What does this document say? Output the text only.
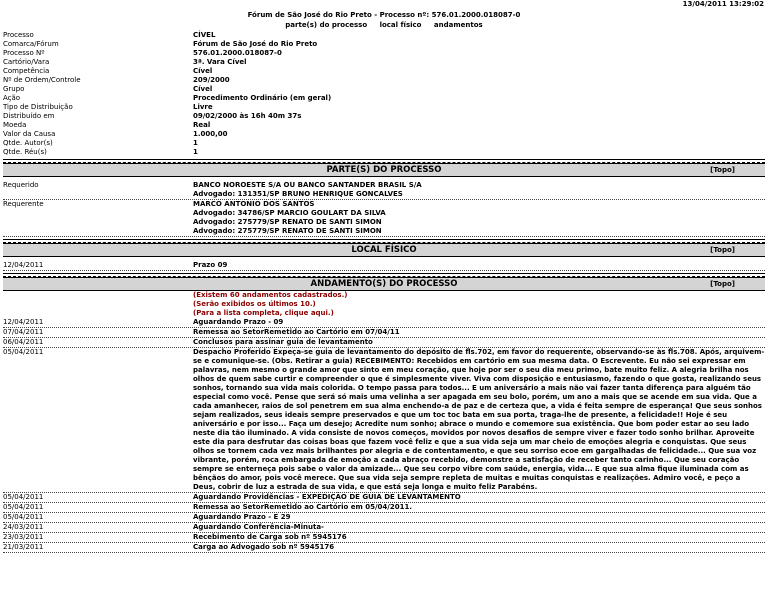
13/04/2011 13:29:02
Fórum de São José do Rio Preto - Processo nº: 576.01.2000.018087-0
parte(s) do processo local físico andamentos
Processo	CÍVEL
Comarca/Fórum	Fórum de São José do Rio Preto
Processo Nº	576.01.2000.018087-0
Cartório/Vara	3ª. Vara Cível
Competência	Cível
Nº de Ordem/Controle	209/2000
Grupo	Cível
Ação	Procedimento Ordinário (em geral)
Tipo de Distribuição	Livre
Distribuído em	09/02/2000 às 16h 40m 37s
Moeda	Real
Valor da Causa	1.000,00
Qtde. Autor(s)	1
Qtde. Réu(s)	1
PARTE(S) DO PROCESSO	[Topo]
Requerido	BANCO NOROESTE S/A OU BANCO SANTANDER BRASIL S/A
Advogado: 131351/SP BRUNO HENRIQUE GONCALVES
Requerente	MARCO ANTONIO DOS SANTOS
Advogado: 34786/SP MARCIO GOULART DA SILVA
Advogado: 275779/SP RENATO DE SANTI SIMON
Advogado: 275779/SP RENATO DE SANTI SIMON
LOCAL FÍSICO	[Topo]
12/04/2011	Prazo 09
ANDAMENTO(S) DO PROCESSO	[Topo]
(Existem 60 andamentos cadastrados.)
(Serão exibidos os últimos 10.)
(Para a lista completa, clique aqui.)
12/04/2011	Aguardando Prazo - 09
07/04/2011	Remessa ao SetorRemetido ao Cartório em 07/04/11
06/04/2011	Conclusos para assinar guia de levantamento
05/04/2011	Despacho Proferido Expeça-se guia de levantamento do depósito de fls.702, em favor do requerente, observando-se às fls.708. Após, arquivem-se e comunique-se. (Obs. Retirar a guia) RECEBIMENTO: Recebidos em cartório em sua mesma data. O Escrevente. Eu não sei expressar em palavras, nem mesmo o grande amor que sinto em meu coração, que hoje por ser o seu dia meu primo, bate muito feliz. A alegria brilha nos olhos de quem sabe curtir e compreender o que é simplesmente viver. Viva com disposição e entusiasmo, fazendo o que gosta, realizando seus sonhos, tornando sua vida mais colorida. O tempo passa para todos... E um aniversário a mais não vai fazer tanta diferença para alguém tão especial como você. Pense que será só mais uma velinha a ser apagada em seu bolo, porém, um ano a mais que se acende em sua vida. Que a cada amanhecer, raios de sol penetrem em sua alma enchendo-a de paz e de certeza que, a vida é feita sempre de esperança! Que seus sonhos sejam realizados, seus ideais sempre preservados e que um toc toc bata em sua porta, traga-lhe de presente, a felicidade!! Hoje é seu aniversário e por isso... Faça um desejo; Acredite num sonho; abrace o mundo e comemore sua existência. Que bom poder estar ao seu lado neste dia tão iluminado. A vida consiste de novos começos, movidos por novos desafios de sempre viver e fazer todo sonho brilhar. Aproveite este dia para desfrutar das coisas boas que fazem você feliz e que a sua vida seja um mar cheio de emoções alegria e conquistas. Que seus olhos se tornem cada vez mais brilhantes por alegria e de contentamento, e que seu sorriso ecoe em gargalhadas de felicidade... Que sua voz vibrante, porém, roca embargada de emoção a cada abraço recebido, demonstre a satisfação de receber tanto carinho... Que seu coração sempre se enterneça pois sabe o valor da amizade... Que seu corpo vibre com saúde, energia, vida... E que sua alma fique iluminada com as bênçãos do amor, pois você merece. Que sua vida seja sempre repleta de muitas e muitas conquistas e realizações. Admiro você, e peço a Deus, cobrir de luz a estrada de sua vida, e que está seja longa e muito feliz Parabéns.
05/04/2011	Aguardando Providências - EXPEDIÇÃO DE GUIA DE LEVANTAMENTO
05/04/2011	Remessa ao SetorRemetido ao Cartório em 05/04/2011.
05/04/2011	Aguardando Prazo - E 29
24/03/2011	Aguardando Conferência-Minuta-
23/03/2011	Recebimento de Carga sob nº 5945176
21/03/2011	Carga ao Advogado sob nº 5945176
